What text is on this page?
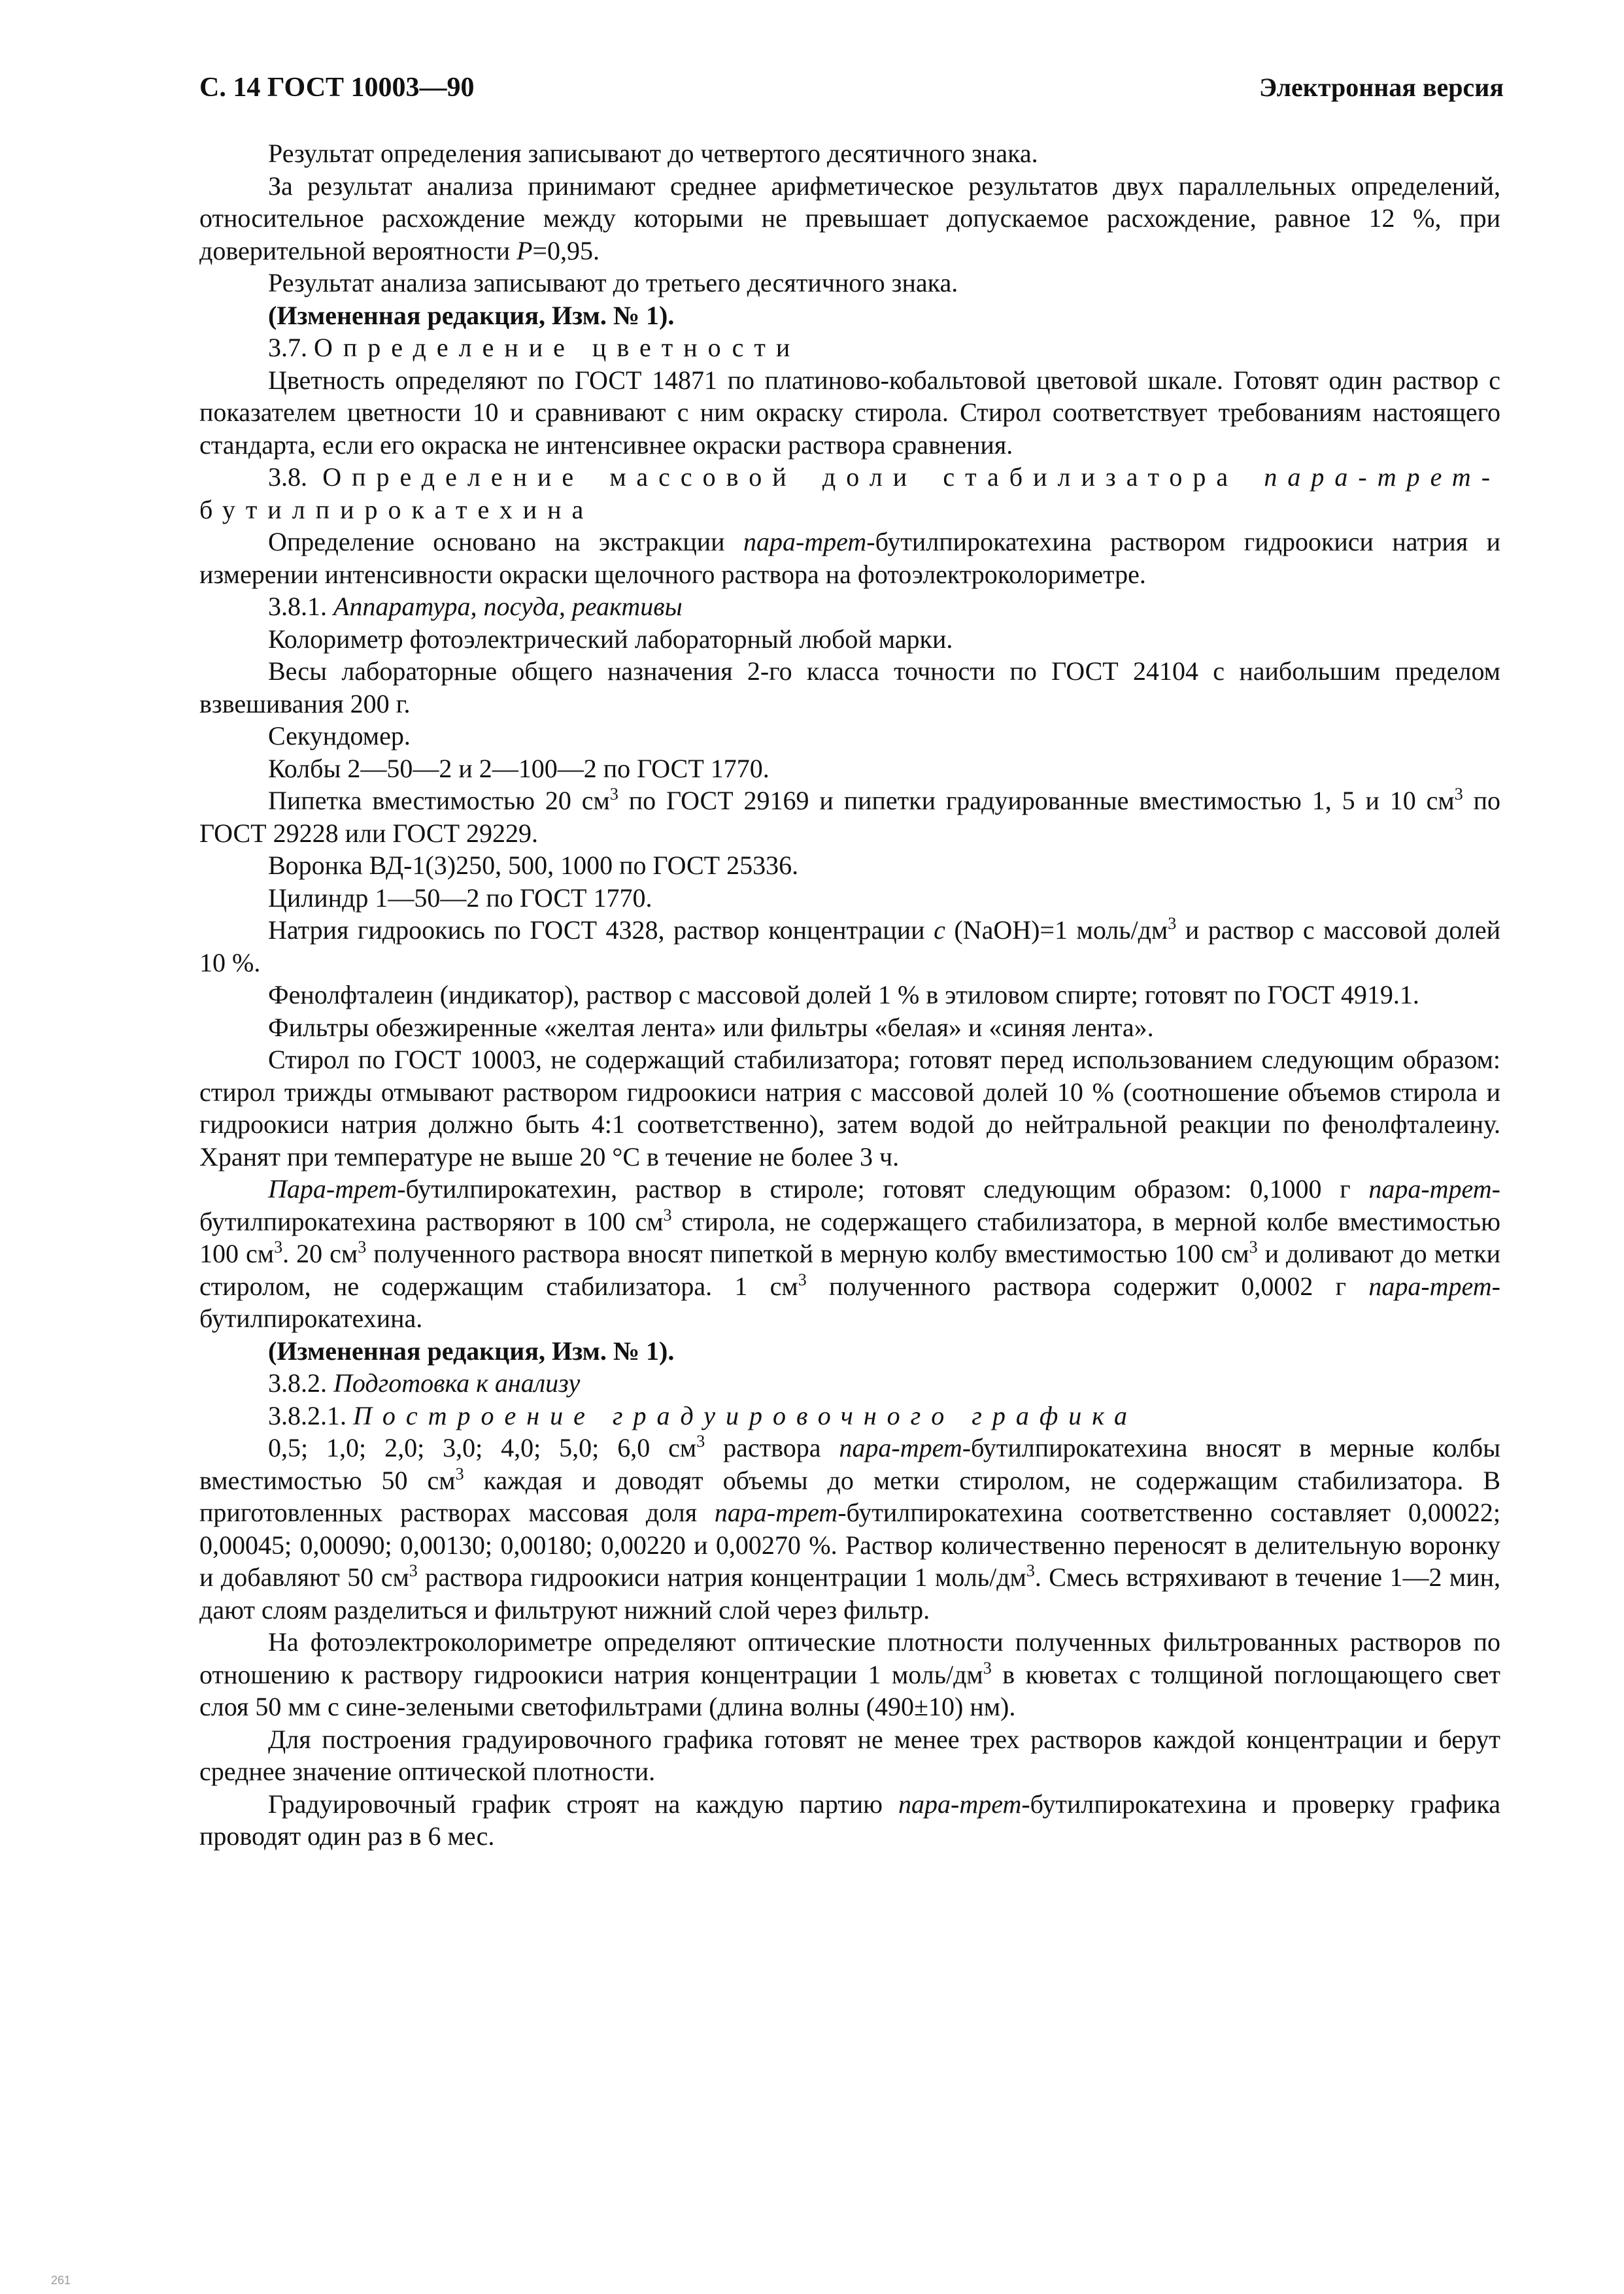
С. 14 ГОСТ 10003—90	Электронная версия

Результат определения записывают до четвертого десятичного знака.

За результат анализа принимают среднее арифметическое результатов двух параллельных определений, относительное расхождение между которыми не превышает допускаемое расхождение, равное 12 %, при доверительной вероятности Р=0,95.

Результат анализа записывают до третьего десятичного знака.

(Измененная редакция, Изм. № 1).

3.7. Определение цветности

Цветность определяют по ГОСТ 14871 по платиново-кобальтовой цветовой шкале. Готовят один раствор с показателем цветности 10 и сравнивают с ним окраску стирола. Стирол соответствует требованиям настоящего стандарта, если его окраска не интенсивнее окраски раствора сравнения.

3.8. Определение массовой доли стабилизатора пара-трет-бутилпирокатехина

Определение основано на экстракции пара-трет-бутилпирокатехина раствором гидроокиси натрия и измерении интенсивности окраски щелочного раствора на фотоэлектроколориметре.

3.8.1. Аппаратура, посуда, реактивы

Колориметр фотоэлектрический лабораторный любой марки.

Весы лабораторные общего назначения 2-го класса точности по ГОСТ 24104 с наибольшим пределом взвешивания 200 г.

Секундомер.

Колбы 2—50—2 и 2—100—2 по ГОСТ 1770.

Пипетка вместимостью 20 $см^3$ по ГОСТ 29169 и пипетки градуированные вместимостью 1, 5 и 10 $см^3$ по ГОСТ 29228 или ГОСТ 29229.

Воронка ВД-1(3)250, 500, 1000 по ГОСТ 25336.

Цилиндр 1—50—2 по ГОСТ 1770.

Натрия гидроокись по ГОСТ 4328, раствор концентрации с (NaOH)=1 моль/$дм^3$ и раствор с массовой долей 10 %.

Фенолфталеин (индикатор), раствор с массовой долей 1 % в этиловом спирте; готовят по ГОСТ 4919.1.

Фильтры обезжиренные «желтая лента» или фильтры «белая» и «синяя лента».

Стирол по ГОСТ 10003, не содержащий стабилизатора; готовят перед использованием следующим образом: стирол трижды отмывают раствором гидроокиси натрия с массовой долей 10 % (соотношение объемов стирола и гидроокиси натрия должно быть 4:1 соответственно), затем водой до нейтральной реакции по фенолфталеину. Хранят при температуре не выше 20 °С в течение не более 3 ч.

Пара-трет-бутилпирокатехин, раствор в стироле; готовят следующим образом: 0,1000 г пара-трет-бутилпирокатехина растворяют в 100 $см^3$ стирола, не содержащего стабилизатора, в мерной колбе вместимостью 100 $см^3$. 20 $см^3$ полученного раствора вносят пипеткой в мерную колбу вместимостью 100 $см^3$ и доливают до метки стиролом, не содержащим стабилизатора. 1 $см^3$ полученного раствора содержит 0,0002 г пара-трет-бутилпирокатехина.

(Измененная редакция, Изм. № 1).

3.8.2. Подготовка к анализу

3.8.2.1. Построение градуировочного графика

0,5; 1,0; 2,0; 3,0; 4,0; 5,0; 6,0 $см^3$ раствора пара-трет-бутилпирокатехина вносят в мерные колбы вместимостью 50 $см^3$ каждая и доводят объемы до метки стиролом, не содержащим стабилизатора. В приготовленных растворах массовая доля пара-трет-бутилпирокатехина соответственно составляет 0,00022; 0,00045; 0,00090; 0,00130; 0,00180; 0,00220 и 0,00270 %. Раствор количественно переносят в делительную воронку и добавляют 50 $см^3$ раствора гидроокиси натрия концентрации 1 моль/$дм^3$. Смесь встряхивают в течение 1—2 мин, дают слоям разделиться и фильтруют нижний слой через фильтр.

На фотоэлектроколориметре определяют оптические плотности полученных фильтрованных растворов по отношению к раствору гидроокиси натрия концентрации 1 моль/$дм^3$ в кюветах с толщиной поглощающего свет слоя 50 мм с сине-зелеными светофильтрами (длина волны (490±10) нм).

Для построения градуировочного графика готовят не менее трех растворов каждой концентрации и берут среднее значение оптической плотности.

Градуировочный график строят на каждую партию пара-трет-бутилпирокатехина и проверку графика проводят один раз в 6 мес.

261
